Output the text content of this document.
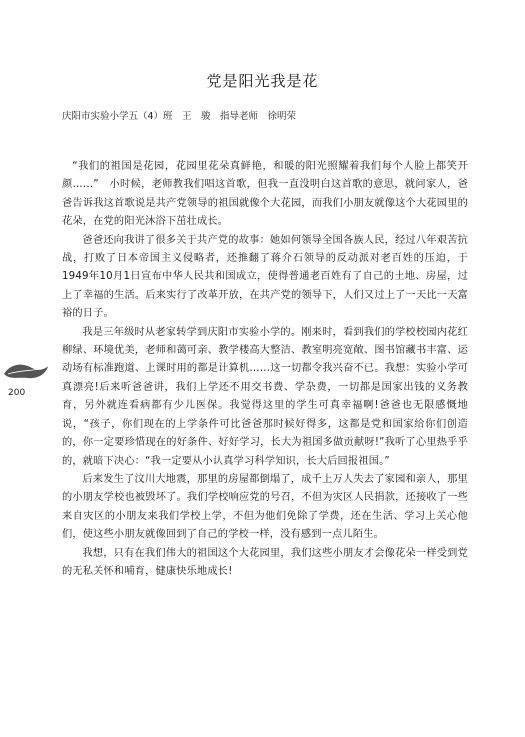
党是阳光我是花
庆阳市实验小学五（4）班　王　骏　指导老师　徐明荣

“我们的祖国是花园，花园里花朵真鲜艳，和暖的阳光照耀着我们每个人脸上都笑开颜……”　小时候，老师教我们唱这首歌，但我一直没明白这首歌的意思，就问家人，爸爸告诉我这首歌说是共产党领导的祖国就像个大花园，而我们小朋友就像这个大花园里的花朵，在党的阳光沐浴下茁壮成长。

爸爸还向我讲了很多关于共产党的故事：她如何领导全国各族人民，经过八年艰苦抗战，打败了日本帝国主义侵略者，还推翻了蒋介石领导的反动派对老百姓的压迫，于1949年10月1日宣布中华人民共和国成立，使得普通老百姓有了自己的土地、房屋，过上了幸福的生活。后来实行了改革开放，在共产党的领导下，人们又过上了一天比一天富裕的日子。

我是三年级时从老家转学到庆阳市实验小学的。刚来时，看到我们的学校校园内花红柳绿、环境优美，老师和蔼可亲、教学楼高大整洁、教室明亮宽敞、图书馆藏书丰富、运动场有标准跑道、上课时用的都是计算机……这一切都令我兴奋不已。我想：实验小学可真漂亮!后来听爸爸讲，我们上学还不用交书费、学杂费，一切都是国家出钱的义务教育，另外就连看病都有少儿医保。我觉得这里的学生可真幸福啊!爸爸也无限感慨地说，“孩子，你们现在的上学条件可比爸爸那时候好得多，这都是党和国家给你们创造的，你一定要珍惜现在的好条件、好好学习，长大为祖国多做贡献呀!”我听了心里热乎乎的，就暗下决心：“我一定要从小认真学习科学知识，长大后回报祖国。”

后来发生了汶川大地震，那里的房屋都倒塌了，成千上万人失去了家园和亲人，那里的小朋友学校也被毁坏了。我们学校响应党的号召，不但为灾区人民捐款，还接收了一些来自灾区的小朋友来我们学校上学，不但为他们免除了学费，还在生活、学习上关心他们，使这些小朋友就像回到了自己的学校一样，没有感到一点儿陌生。

我想，只有在我们伟大的祖国这个大花园里，我们这些小朋友才会像花朵一样受到党的无私关怀和哺育，健康快乐地成长!

200
